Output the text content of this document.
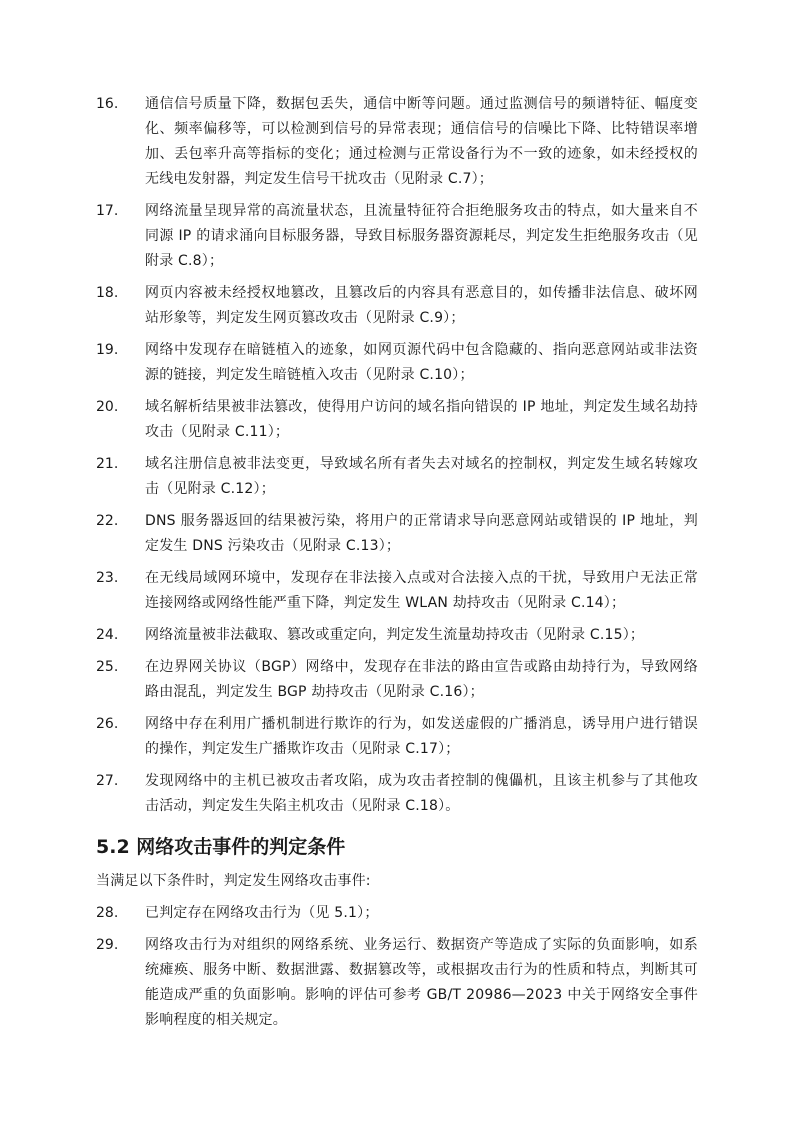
16.	通信信号质量下降，数据包丢失，通信中断等问题。通过监测信号的频谱特征、幅度变化、频率偏移等，可以检测到信号的异常表现；通信信号的信噪比下降、比特错误率增加、丢包率升高等指标的变化；通过检测与正常设备行为不一致的迹象，如未经授权的无线电发射器，判定发生信号干扰攻击（见附录 C.7）；
17.	网络流量呈现异常的高流量状态，且流量特征符合拒绝服务攻击的特点，如大量来自不同源 IP 的请求涌向目标服务器，导致目标服务器资源耗尽，判定发生拒绝服务攻击（见附录 C.8）；
18.	网页内容被未经授权地篡改，且篡改后的内容具有恶意目的，如传播非法信息、破坏网站形象等，判定发生网页篡改攻击（见附录 C.9）；
19.	网络中发现存在暗链植入的迹象，如网页源代码中包含隐藏的、指向恶意网站或非法资源的链接，判定发生暗链植入攻击（见附录 C.10）；
20.	域名解析结果被非法篡改，使得用户访问的域名指向错误的 IP 地址，判定发生域名劫持攻击（见附录 C.11）；
21.	域名注册信息被非法变更，导致域名所有者失去对域名的控制权，判定发生域名转嫁攻击（见附录 C.12）；
22.	DNS 服务器返回的结果被污染，将用户的正常请求导向恶意网站或错误的 IP 地址，判定发生 DNS 污染攻击（见附录 C.13）；
23.	在无线局域网环境中，发现存在非法接入点或对合法接入点的干扰，导致用户无法正常连接网络或网络性能严重下降，判定发生 WLAN 劫持攻击（见附录 C.14）；
24.	网络流量被非法截取、篡改或重定向，判定发生流量劫持攻击（见附录 C.15）；
25.	在边界网关协议（BGP）网络中，发现存在非法的路由宣告或路由劫持行为，导致网络路由混乱，判定发生 BGP 劫持攻击（见附录 C.16）；
26.	网络中存在利用广播机制进行欺诈的行为，如发送虚假的广播消息，诱导用户进行错误的操作，判定发生广播欺诈攻击（见附录 C.17）；
27.	发现网络中的主机已被攻击者攻陷，成为攻击者控制的傀儡机，且该主机参与了其他攻击活动，判定发生失陷主机攻击（见附录 C.18）。
5.2 网络攻击事件的判定条件
当满足以下条件时，判定发生网络攻击事件:
28.	已判定存在网络攻击行为（见 5.1）；
29.	网络攻击行为对组织的网络系统、业务运行、数据资产等造成了实际的负面影响，如系统瘫痪、服务中断、数据泄露、数据篡改等，或根据攻击行为的性质和特点，判断其可能造成严重的负面影响。影响的评估可参考 GB/T 20986—2023 中关于网络安全事件影响程度的相关规定。
